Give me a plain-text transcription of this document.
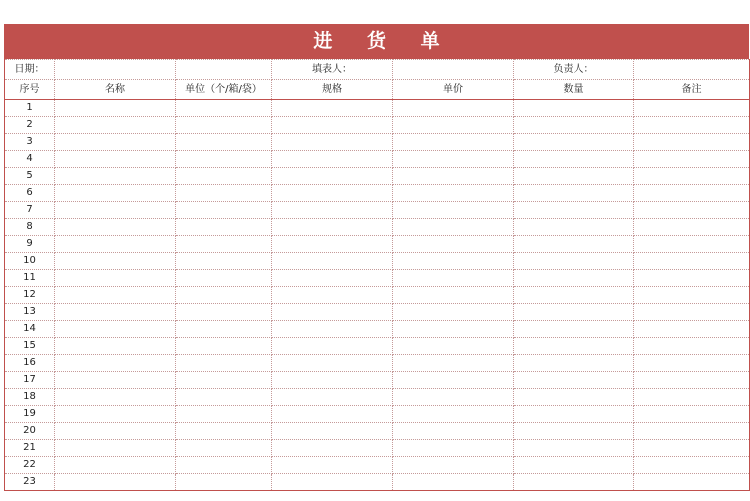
进 货 单
日期：			填表人：		负责人：	
序号	名称	单位（个/箱/袋）	规格	单价	数量	备注
1						
2						
3						
4						
5						
6						
7						
8						
9						
10						
11						
12						
13						
14						
15						
16						
17						
18						
19						
20						
21						
22						
23						
